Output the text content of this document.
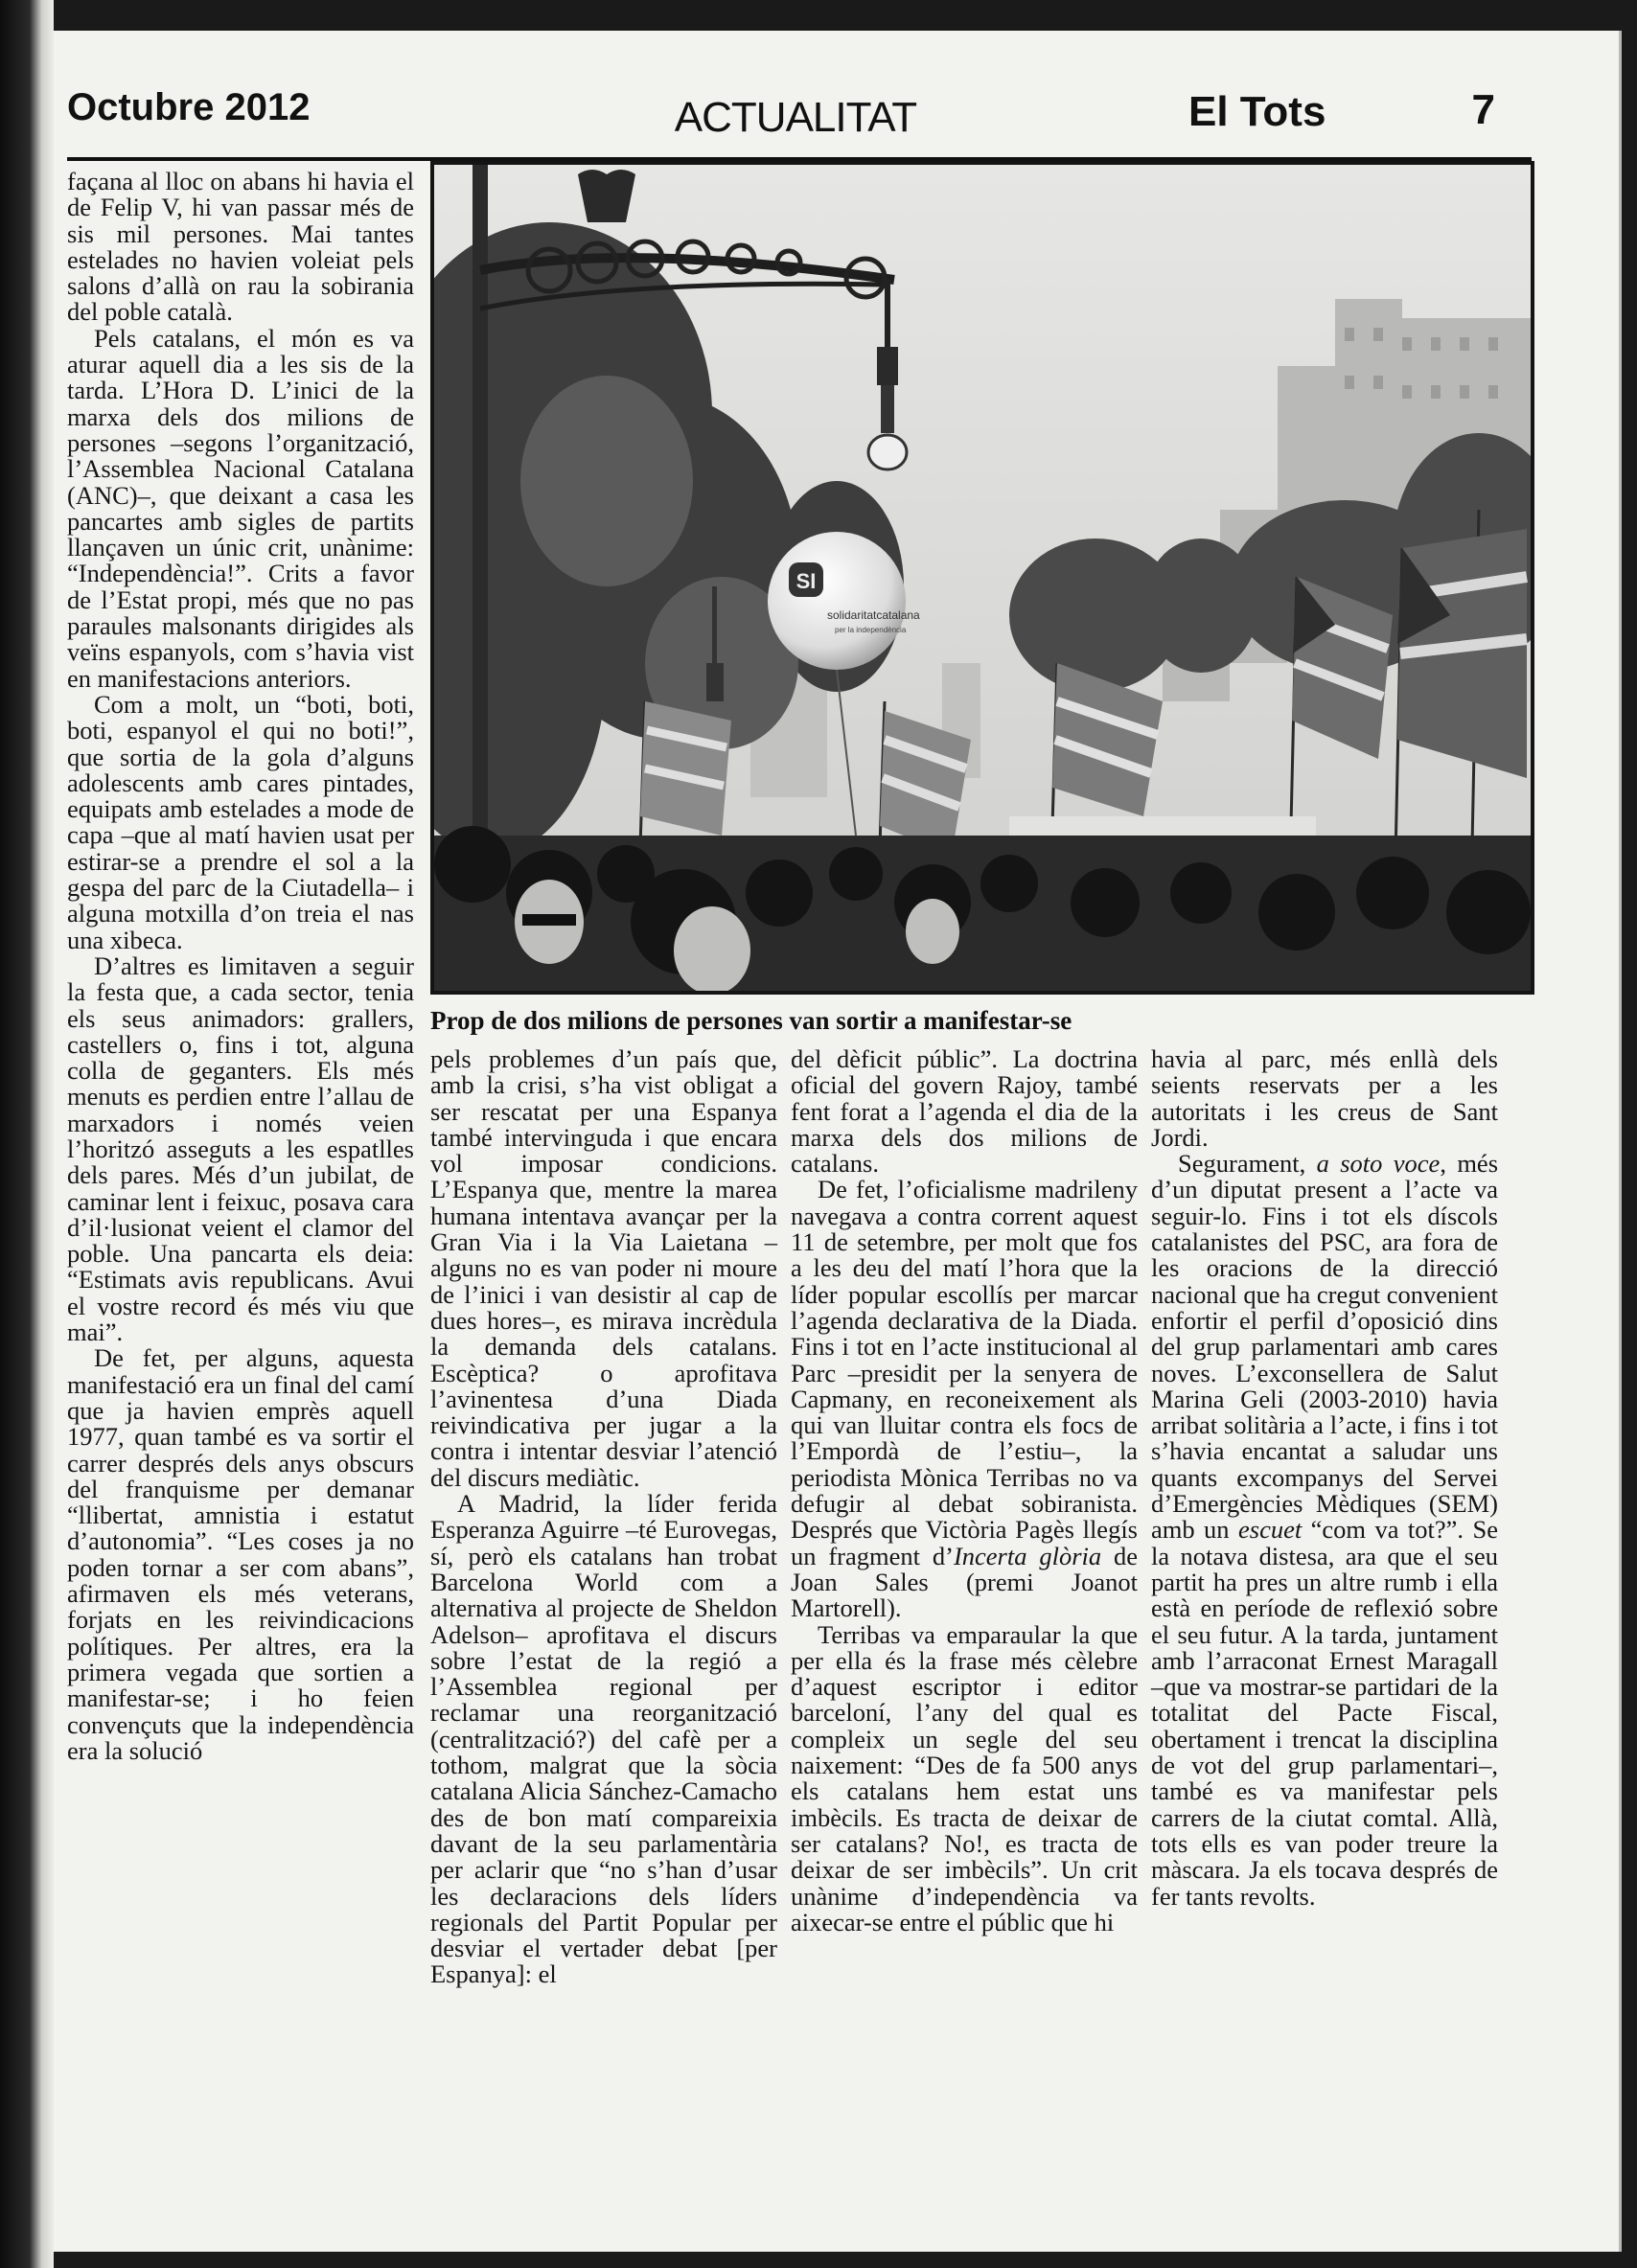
Octubre 2012	ACTUALITAT	El Tots	7
SI
solidaritatcatalana
per la independència
Prop de dos milions de persones van sortir a manifestar-se

façana al lloc on abans hi havia el de Felip V, hi van passar més de sis mil persones. Mai tantes estelades no havien voleiat pels salons d’allà on rau la sobirania del poble català.

Pels catalans, el món es va aturar aquell dia a les sis de la tarda. L’Hora D. L’inici de la marxa dels dos milions de persones –segons l’organització, l’Assemblea Nacional Catalana (ANC)–, que deixant a casa les pancartes amb sigles de partits llançaven un únic crit, unànime: “Independència!”. Crits a favor de l’Estat propi, més que no pas paraules malsonants dirigides als veïns espanyols, com s’havia vist en manifestacions anteriors.

Com a molt, un “boti, boti, boti, espanyol el qui no boti!”, que sortia de la gola d’alguns adolescents amb cares pintades, equipats amb estelades a mode de capa –que al matí havien usat per estirar-se a prendre el sol a la gespa del parc de la Ciutadella– i alguna motxilla d’on treia el nas una xibeca.

D’altres es limitaven a seguir la festa que, a cada sector, tenia els seus animadors: grallers, castellers o, fins i tot, alguna colla de geganters. Els més menuts es perdien entre l’allau de marxadors i només veien l’horitzó asseguts a les espatlles dels pares. Més d’un jubilat, de caminar lent i feixuc, posava cara d’il·lusionat veient el clamor del poble. Una pancarta els deia: “Estimats avis republicans. Avui el vostre record és més viu que mai”.

De fet, per alguns, aquesta manifestació era un final del camí que ja havien emprès aquell 1977, quan també es va sortir el carrer després dels anys obscurs del franquisme per demanar “llibertat, amnistia i estatut d’autonomia”. “Les coses ja no poden tornar a ser com abans”, afirmaven els més veterans, forjats en les reivindicacions polítiques. Per altres, era la primera vegada que sortien a manifestar-se; i ho feien convençuts que la independència era la solució

pels problemes d’un país que, amb la crisi, s’ha vist obligat a ser rescatat per una Espanya també intervinguda i que encara vol imposar condicions. L’Espanya que, mentre la marea humana intentava avançar per la Gran Via i la Via Laietana –alguns no es van poder ni moure de l’inici i van desistir al cap de dues hores–, es mirava incrèdula la demanda dels catalans. Escèptica? o aprofitava l’avinentesa d’una Diada reivindicativa per jugar a la contra i intentar desviar l’atenció del discurs mediàtic.

A Madrid, la líder ferida Esperanza Aguirre –té Eurovegas, sí, però els catalans han trobat Barcelona World com a alternativa al projecte de Sheldon Adelson– aprofitava el discurs sobre l’estat de la regió a l’Assemblea regional per reclamar una reorganització (centralització?) del cafè per a tothom, malgrat que la sòcia catalana Alicia Sánchez-Camacho des de bon matí compareixia davant de la seu parlamentària per aclarir que “no s’han d’usar les declaracions dels líders regionals del Partit Popular per desviar el vertader debat [per Espanya]: el

del dèficit públic”. La doctrina oficial del govern Rajoy, també fent forat a l’agenda el dia de la marxa dels dos milions de catalans.

De fet, l’oficialisme madrileny navegava a contra corrent aquest 11 de setembre, per molt que fos a les deu del matí l’hora que la líder popular escollís per marcar l’agenda declarativa de la Diada. Fins i tot en l’acte institucional al Parc –presidit per la senyera de Capmany, en reconeixement als qui van lluitar contra els focs de l’Empordà de l’estiu–, la periodista Mònica Terribas no va defugir al debat sobiranista. Després que Victòria Pagès llegís un fragment d’Incerta glòria de Joan Sales (premi Joanot Martorell).

Terribas va emparaular la que per ella és la frase més cèlebre d’aquest escriptor i editor barceloní, l’any del qual es compleix un segle del seu naixement: “Des de fa 500 anys els catalans hem estat uns imbècils. Es tracta de deixar de ser catalans? No!, es tracta de deixar de ser imbècils”. Un crit unànime d’independència va aixecar-se entre el públic que hi

havia al parc, més enllà dels seients reservats per a les autoritats i les creus de Sant Jordi.

Segurament, a soto voce, més d’un diputat present a l’acte va seguir-lo. Fins i tot els díscols catalanistes del PSC, ara fora de les oracions de la direcció nacional que ha cregut convenient enfortir el perfil d’oposició dins del grup parlamentari amb cares noves. L’exconsellera de Salut Marina Geli (2003-2010) havia arribat solitària a l’acte, i fins i tot s’havia encantat a saludar uns quants excompanys del Servei d’Emergències Mèdiques (SEM) amb un escuet “com va tot?”. Se la notava distesa, ara que el seu partit ha pres un altre rumb i ella està en període de reflexió sobre el seu futur. A la tarda, juntament amb l’arraconat Ernest Maragall –que va mostrar-se partidari de la totalitat del Pacte Fiscal, obertament i trencat la disciplina de vot del grup parlamentari–, també es va manifestar pels carrers de la ciutat comtal. Allà, tots ells es van poder treure la màscara. Ja els tocava després de fer tants revolts.
